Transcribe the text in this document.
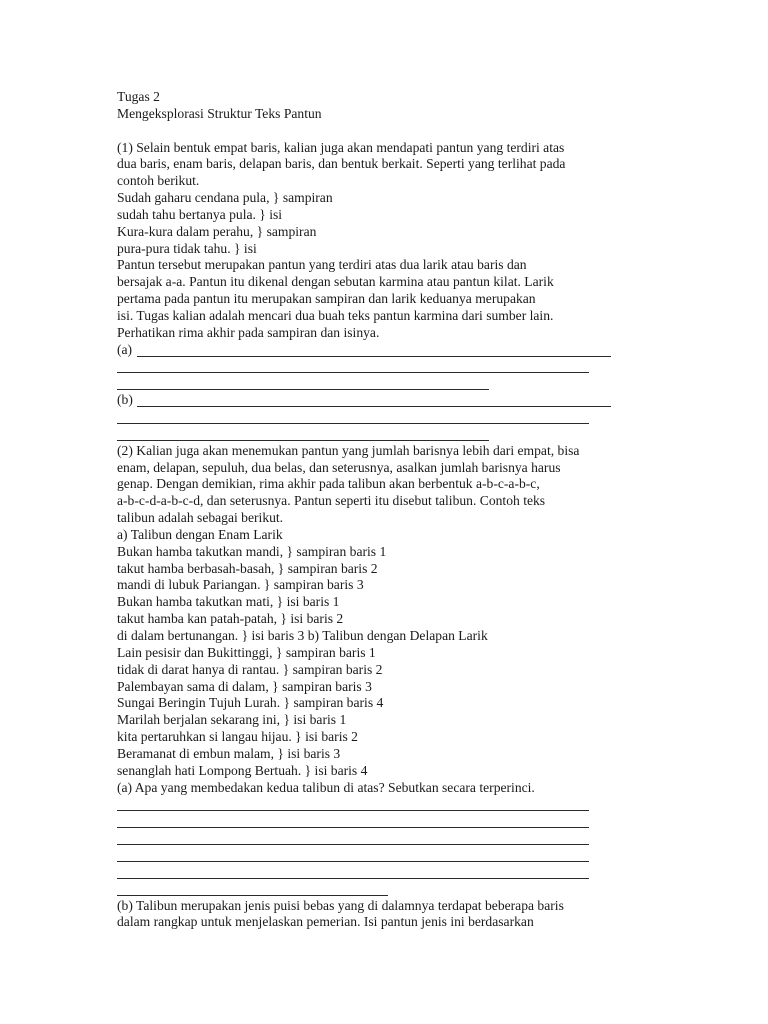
Tugas 2
Mengeksplorasi Struktur Teks Pantun
(1) Selain bentuk empat baris, kalian juga akan mendapati pantun yang terdiri atas
dua baris, enam baris, delapan baris, dan bentuk berkait. Seperti yang terlihat pada
contoh berikut.
Sudah gaharu cendana pula, } sampiran
sudah tahu bertanya pula. } isi
Kura-kura dalam perahu, } sampiran
pura-pura tidak tahu. } isi
Pantun tersebut merupakan pantun yang terdiri atas dua larik atau baris dan
bersajak a-a. Pantun itu dikenal dengan sebutan karmina atau pantun kilat. Larik
pertama pada pantun itu merupakan sampiran dan larik keduanya merupakan
isi. Tugas kalian adalah mencari dua buah teks pantun karmina dari sumber lain.
Perhatikan rima akhir pada sampiran dan isinya.
(a)
(b)
(2) Kalian juga akan menemukan pantun yang jumlah barisnya lebih dari empat, bisa
enam, delapan, sepuluh, dua belas, dan seterusnya, asalkan jumlah barisnya harus
genap. Dengan demikian, rima akhir pada talibun akan berbentuk a-b-c-a-b-c,
a-b-c-d-a-b-c-d, dan seterusnya. Pantun seperti itu disebut talibun. Contoh teks
talibun adalah sebagai berikut.
a) Talibun dengan Enam Larik
Bukan hamba takutkan mandi, } sampiran baris 1
takut hamba berbasah-basah, } sampiran baris 2
mandi di lubuk Pariangan. } sampiran baris 3
Bukan hamba takutkan mati, } isi baris 1
takut hamba kan patah-patah, } isi baris 2
di dalam bertunangan. } isi baris 3 b) Talibun dengan Delapan Larik
Lain pesisir dan Bukittinggi, } sampiran baris 1
tidak di darat hanya di rantau. } sampiran baris 2
Palembayan sama di dalam, } sampiran baris 3
Sungai Beringin Tujuh Lurah. } sampiran baris 4
Marilah berjalan sekarang ini, } isi baris 1
kita pertaruhkan si langau hijau. } isi baris 2
Beramanat di embun malam, } isi baris 3
senanglah hati Lompong Bertuah. } isi baris 4
(a) Apa yang membedakan kedua talibun di atas? Sebutkan secara terperinci.
(b) Talibun merupakan jenis puisi bebas yang di dalamnya terdapat beberapa baris
dalam rangkap untuk menjelaskan pemerian. Isi pantun jenis ini berdasarkan
